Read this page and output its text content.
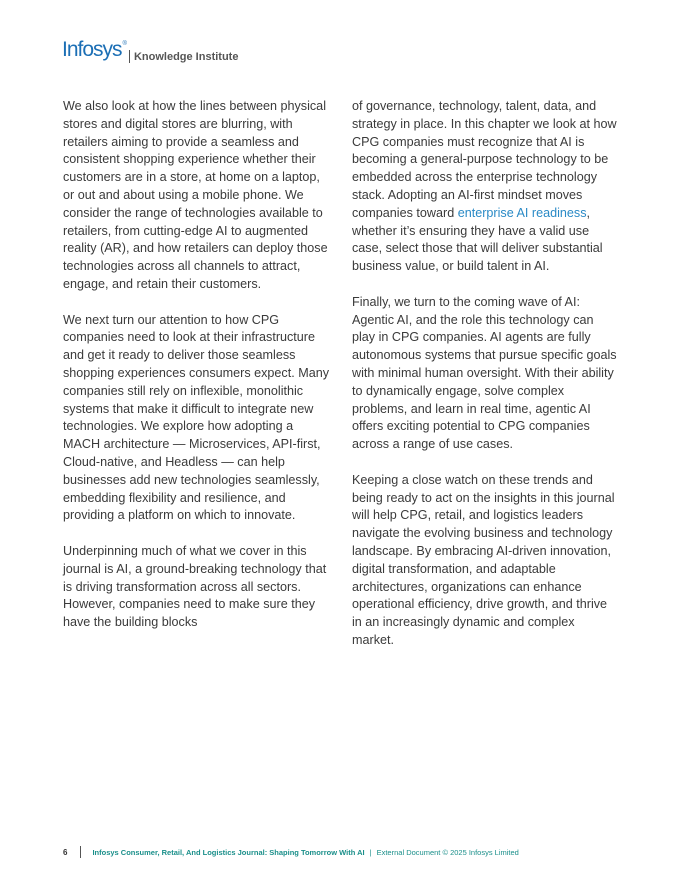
Infosys®
Knowledge Institute

We also look at how the lines between physical stores and digital stores are blurring, with retailers aiming to provide a seamless and consistent shopping experience whether their customers are in a store, at home on a laptop, or out and about using a mobile phone. We consider the range of technologies available to retailers, from cutting-edge AI to augmented reality (AR), and how retailers can deploy those technologies across all channels to attract, engage, and retain their customers.

We next turn our attention to how CPG companies need to look at their infrastructure and get it ready to deliver those seamless shopping experiences consumers expect. Many companies still rely on inflexible, monolithic systems that make it difficult to integrate new technologies. We explore how adopting a MACH architecture — Microservices, API-first, Cloud-native, and Headless — can help businesses add new technologies seamlessly, embedding flexibility and resilience, and providing a platform on which to innovate.

Underpinning much of what we cover in this journal is AI, a ground-breaking technology that is driving transformation across all sectors. However, companies need to make sure they have the building blocks

of governance, technology, talent, data, and strategy in place. In this chapter we look at how CPG companies must recognize that AI is becoming a general-purpose technology to be embedded across the enterprise technology stack. Adopting an AI-first mindset moves companies toward enterprise AI readiness, whether it’s ensuring they have a valid use case, select those that will deliver substantial business value, or build talent in AI.

Finally, we turn to the coming wave of AI: Agentic AI, and the role this technology can play in CPG companies. AI agents are fully autonomous systems that pursue specific goals with minimal human oversight. With their ability to dynamically engage, solve complex problems, and learn in real time, agentic AI offers exciting potential to CPG companies across a range of use cases.

Keeping a close watch on these trends and being ready to act on the insights in this journal will help CPG, retail, and logistics leaders navigate the evolving business and technology landscape. By embracing AI-driven innovation, digital transformation, and adaptable architectures, organizations can enhance operational efficiency, drive growth, and thrive in an increasingly dynamic and complex market.

6	Infosys Consumer, Retail, And Logistics Journal: Shaping Tomorrow With AI | External Document © 2025 Infosys Limited
